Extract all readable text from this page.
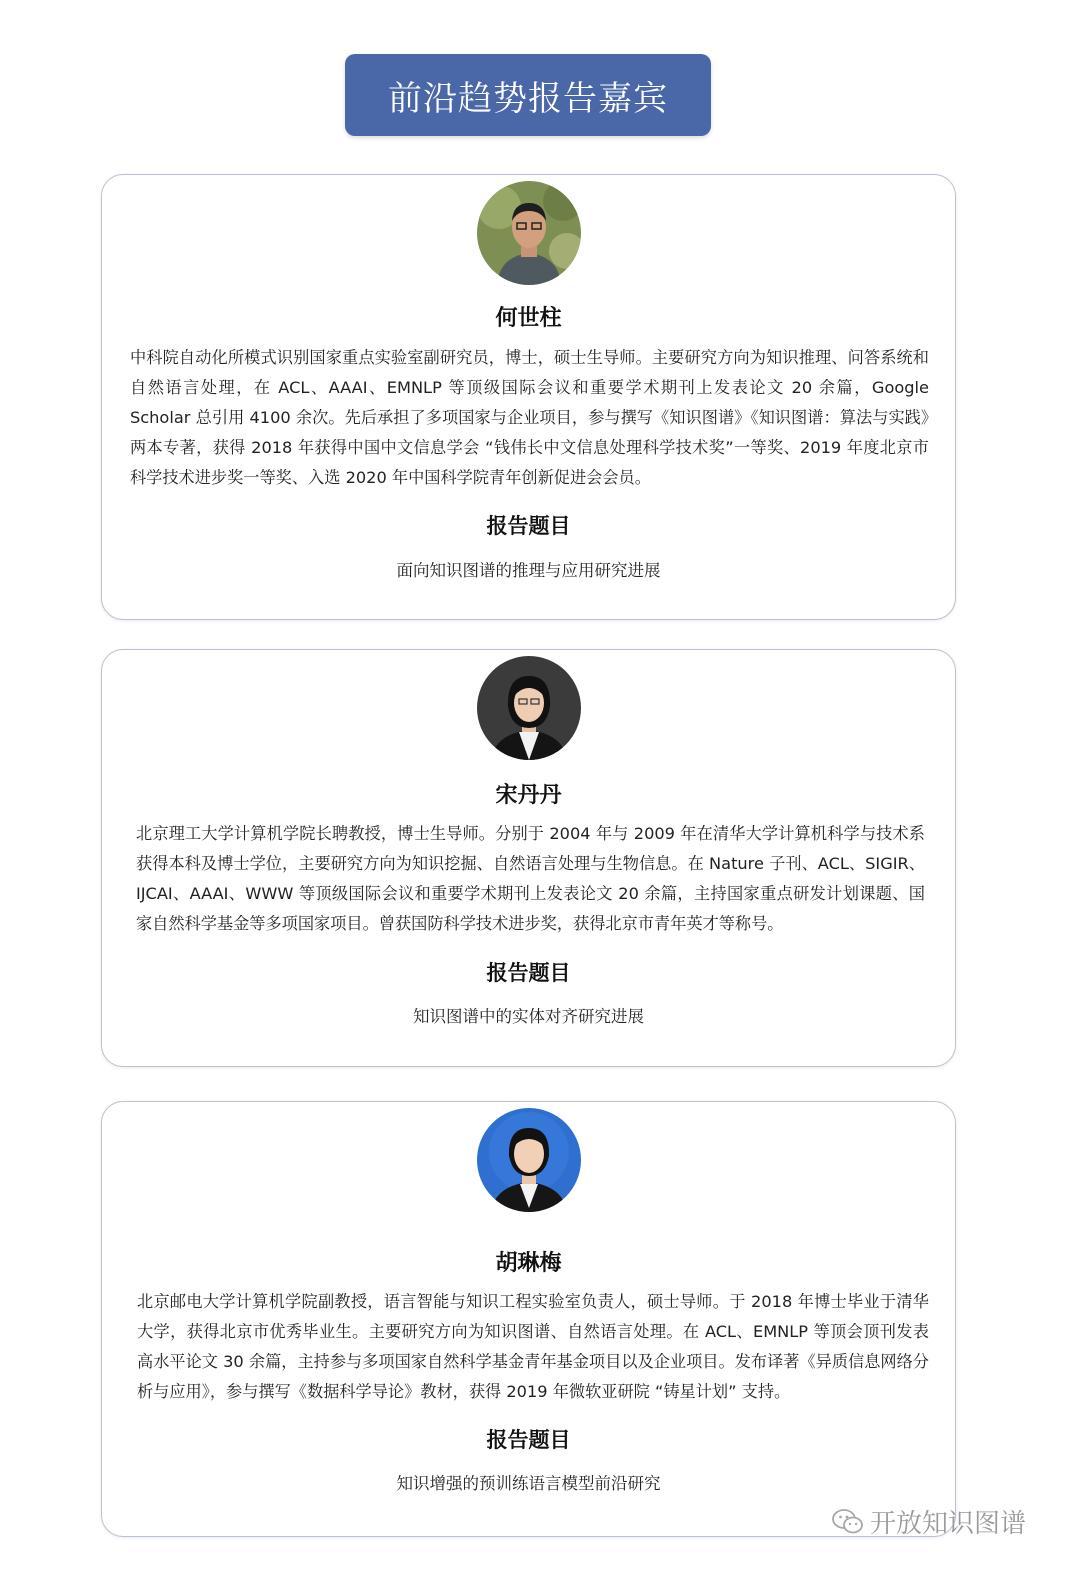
前沿趋势报告嘉宾
何世柱
中科院自动化所模式识别国家重点实验室副研究员，博士，硕士生导师。主要研究方向为知识推理、问答系统和自然语言处理，在 ACL、AAAI、EMNLP 等顶级国际会议和重要学术期刊上发表论文 20 余篇，Google Scholar 总引用 4100 余次。先后承担了多项国家与企业项目，参与撰写《知识图谱》《知识图谱：算法与实践》两本专著，获得 2018 年获得中国中文信息学会 “钱伟长中文信息处理科学技术奖”一等奖、2019 年度北京市科学技术进步奖一等奖、入选 2020 年中国科学院青年创新促进会会员。
报告题目
面向知识图谱的推理与应用研究进展
宋丹丹
北京理工大学计算机学院长聘教授，博士生导师。分别于 2004 年与 2009 年在清华大学计算机科学与技术系获得本科及博士学位，主要研究方向为知识挖掘、自然语言处理与生物信息。在 Nature 子刊、ACL、SIGIR、IJCAI、AAAI、WWW 等顶级国际会议和重要学术期刊上发表论文 20 余篇，主持国家重点研发计划课题、国家自然科学基金等多项国家项目。曾获国防科学技术进步奖，获得北京市青年英才等称号。
报告题目
知识图谱中的实体对齐研究进展
胡琳梅
北京邮电大学计算机学院副教授，语言智能与知识工程实验室负责人，硕士导师。于 2018 年博士毕业于清华大学，获得北京市优秀毕业生。主要研究方向为知识图谱、自然语言处理。在 ACL、EMNLP 等顶会顶刊发表高水平论文 30 余篇，主持参与多项国家自然科学基金青年基金项目以及企业项目。发布译著《异质信息网络分析与应用》，参与撰写《数据科学导论》教材，获得 2019 年微软亚研院 “铸星计划” 支持。
报告题目
知识增强的预训练语言模型前沿研究
开放知识图谱
